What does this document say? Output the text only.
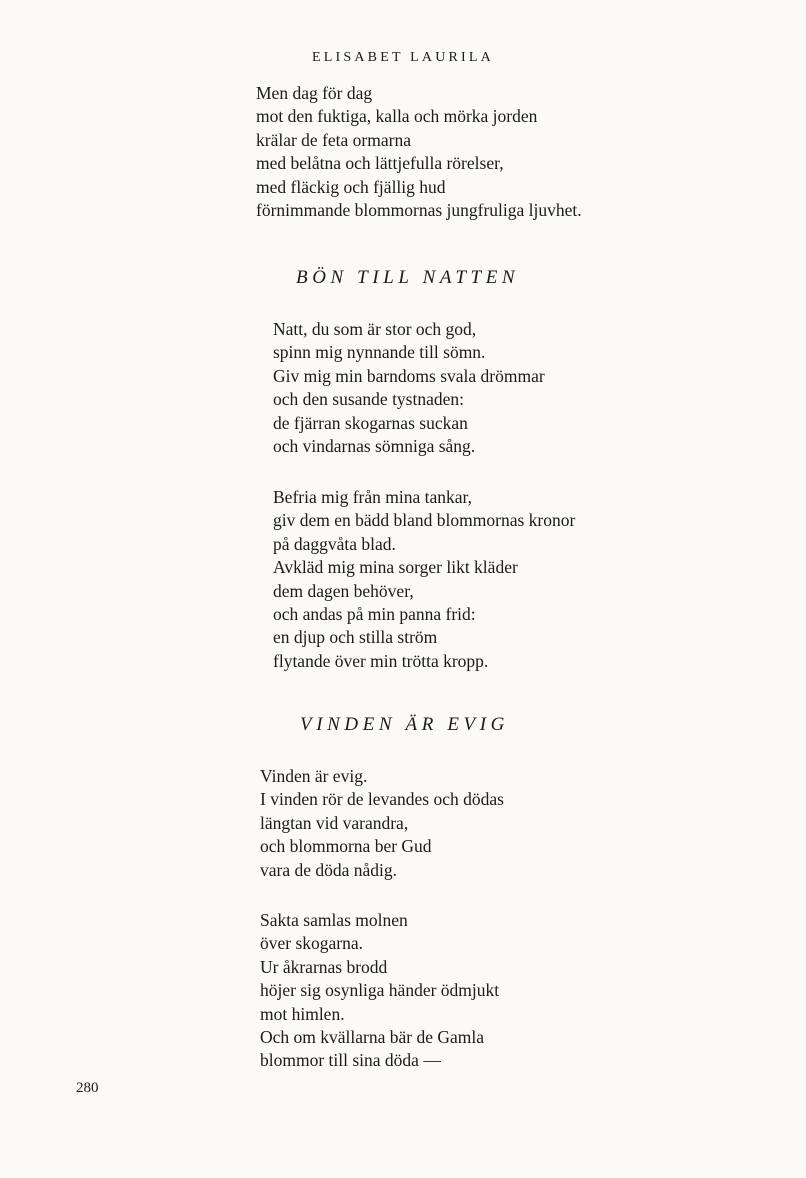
ELISABET LAURILA
Men dag för dag
mot den fuktiga, kalla och mörka jorden
krälar de feta ormarna
med belåtna och lättjefulla rörelser,
med fläckig och fjällig hud
förnimmande blommornas jungfruliga ljuvhet.
BÖN TILL NATTEN
Natt, du som är stor och god,
spinn mig nynnande till sömn.
Giv mig min barndoms svala drömmar
och den susande tystnaden:
de fjärran skogarnas suckan
och vindarnas sömniga sång.
Befria mig från mina tankar,
giv dem en bädd bland blommornas kronor
på daggvåta blad.
Avkläd mig mina sorger likt kläder
dem dagen behöver,
och andas på min panna frid:
en djup och stilla ström
flytande över min trötta kropp.
VINDEN ÄR EVIG
Vinden är evig.
I vinden rör de levandes och dödas
längtan vid varandra,
och blommorna ber Gud
vara de döda nådig.
Sakta samlas molnen
över skogarna.
Ur åkrarnas brodd
höjer sig osynliga händer ödmjukt
mot himlen.
Och om kvällarna bär de Gamla
blommor till sina döda —
280
